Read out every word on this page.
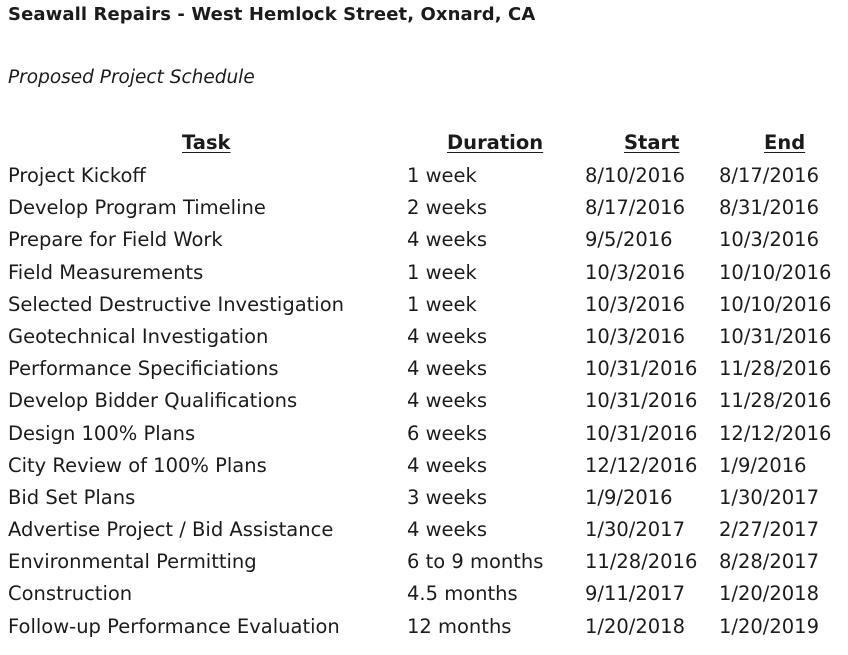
Seawall Repairs - West Hemlock Street, Oxnard, CA
Proposed Project Schedule
Task	Duration	Start	End
Project Kickoff	1 week	8/10/2016 8/17/2016
Develop Program Timeline	2 weeks	8/17/2016 8/31/2016
Prepare for Field Work	4 weeks	9/5/2016 10/3/2016
Field Measurements	1 week	10/3/2016 10/10/2016
Selected Destructive Investigation	1 week	10/3/2016 10/10/2016
Geotechnical Investigation	4 weeks	10/3/2016 10/31/2016
Performance Specificiations	4 weeks	10/31/2016 11/28/2016
Develop Bidder Qualifications	4 weeks	10/31/2016 11/28/2016
Design 100% Plans	6 weeks	10/31/2016 12/12/2016
City Review of 100% Plans	4 weeks	12/12/2016 1/9/2016
Bid Set Plans	3 weeks	1/9/2016 1/30/2017
Advertise Project / Bid Assistance	4 weeks	1/30/2017 2/27/2017
Environmental Permitting	6 to 9 months 11/28/2016 8/28/2017
Construction	4.5 months	9/11/2017 1/20/2018
Follow-up Performance Evaluation	12 months	1/20/2018 1/20/2019
